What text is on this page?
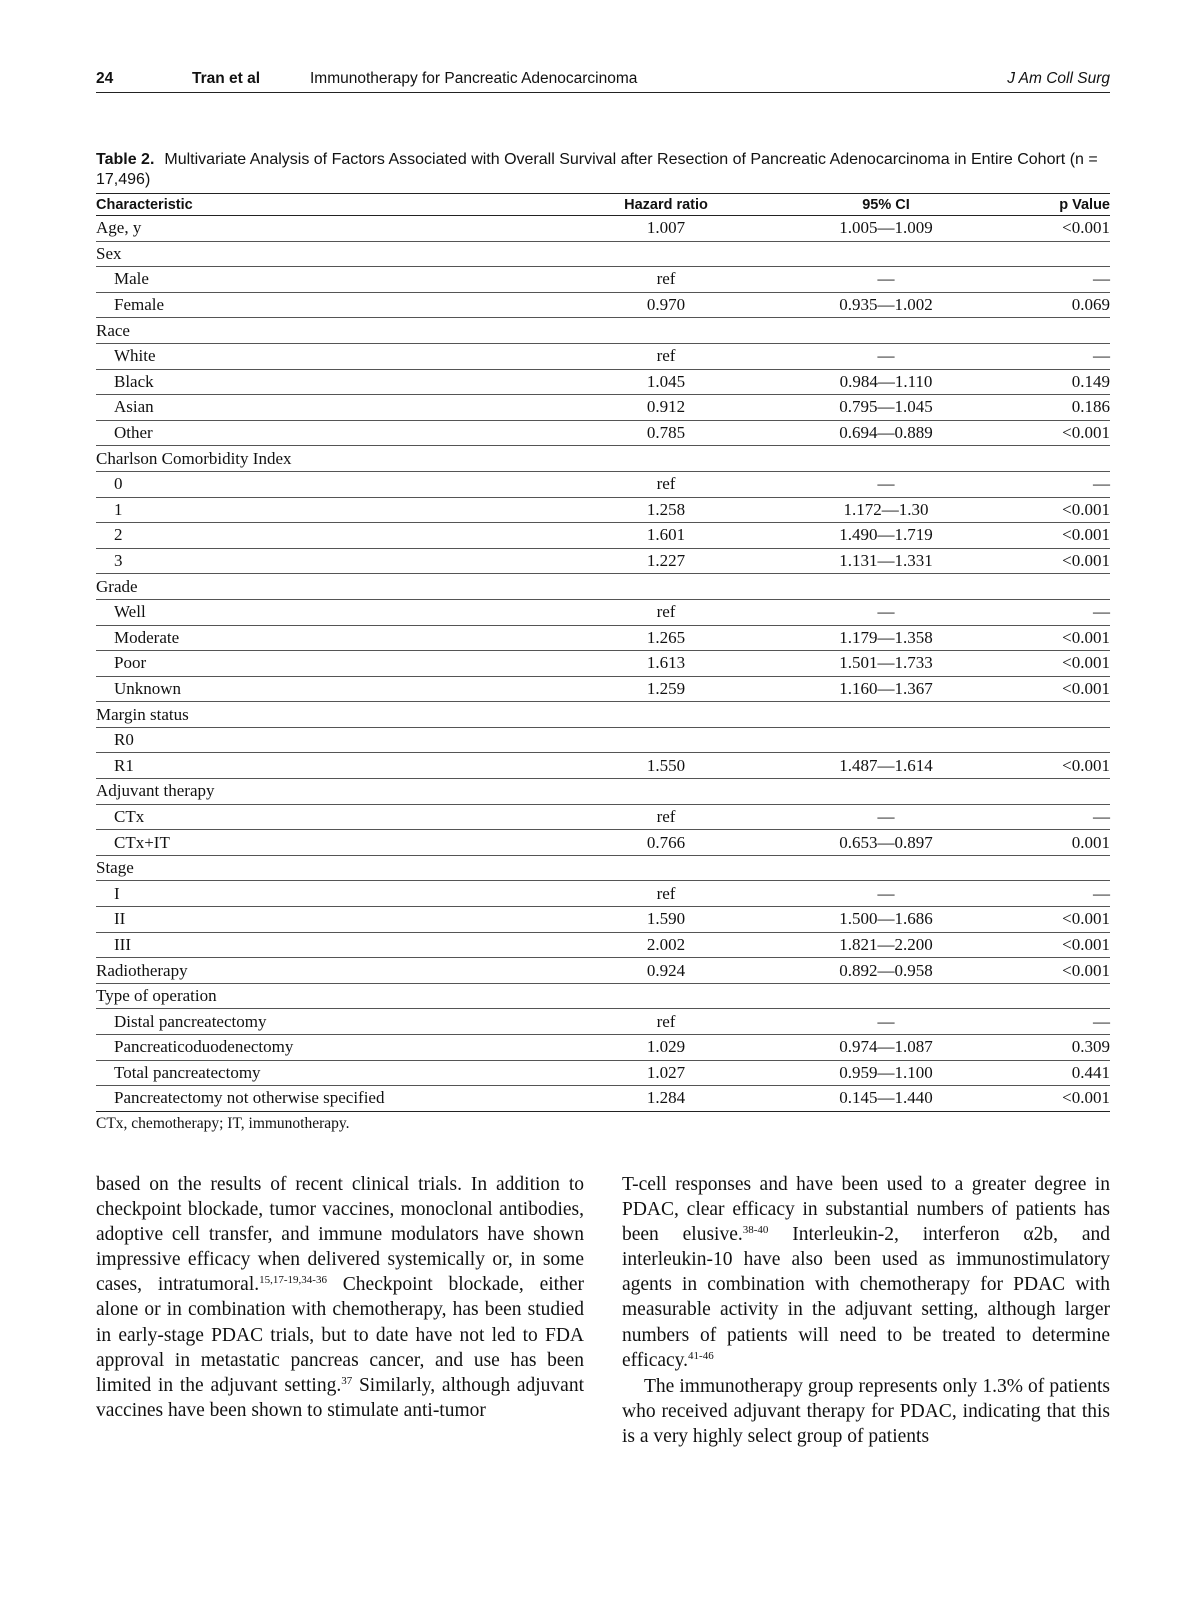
24	Tran et al	Immunotherapy for Pancreatic Adenocarcinoma	J Am Coll Surg
Table 2. Multivariate Analysis of Factors Associated with Overall Survival after Resection of Pancreatic Adenocarcinoma in Entire Cohort (n = 17,496)
Characteristic	Hazard ratio	95% CI	p Value
Age, y	1.007	1.005—1.009	<0.001
Sex			
Male	ref	—	—
Female	0.970	0.935—1.002	0.069
Race			
White	ref	—	—
Black	1.045	0.984—1.110	0.149
Asian	0.912	0.795—1.045	0.186
Other	0.785	0.694—0.889	<0.001
Charlson Comorbidity Index			
0	ref	—	—
1	1.258	1.172—1.30	<0.001
2	1.601	1.490—1.719	<0.001
3	1.227	1.131—1.331	<0.001
Grade			
Well	ref	—	—
Moderate	1.265	1.179—1.358	<0.001
Poor	1.613	1.501—1.733	<0.001
Unknown	1.259	1.160—1.367	<0.001
Margin status			
R0			
R1	1.550	1.487—1.614	<0.001
Adjuvant therapy			
CTx	ref	—	—
CTx+IT	0.766	0.653—0.897	0.001
Stage			
I	ref	—	—
II	1.590	1.500—1.686	<0.001
III	2.002	1.821—2.200	<0.001
Radiotherapy	0.924	0.892—0.958	<0.001
Type of operation			
Distal pancreatectomy	ref	—	—
Pancreaticoduodenectomy	1.029	0.974—1.087	0.309
Total pancreatectomy	1.027	0.959—1.100	0.441
Pancreatectomy not otherwise specified	1.284	0.145—1.440	<0.001
CTx, chemotherapy; IT, immunotherapy.

based on the results of recent clinical trials. In addition to checkpoint blockade, tumor vaccines, monoclonal antibodies, adoptive cell transfer, and immune modulators have shown impressive efficacy when delivered systemically or, in some cases, intratumoral.$^{15,17-19,34-36}$ Checkpoint blockade, either alone or in combination with chemotherapy, has been studied in early-stage PDAC trials, but to date have not led to FDA approval in metastatic pancreas cancer, and use has been limited in the adjuvant setting.$^{37}$ Similarly, although adjuvant vaccines have been shown to stimulate anti-tumor

T-cell responses and have been used to a greater degree in PDAC, clear efficacy in substantial numbers of patients has been elusive.$^{38-40}$ Interleukin-2, interferon α2b, and interleukin-10 have also been used as immunostimulatory agents in combination with chemotherapy for PDAC with measurable activity in the adjuvant setting, although larger numbers of patients will need to be treated to determine efficacy.$^{41-46}$

The immunotherapy group represents only 1.3% of patients who received adjuvant therapy for PDAC, indicating that this is a very highly select group of patients
